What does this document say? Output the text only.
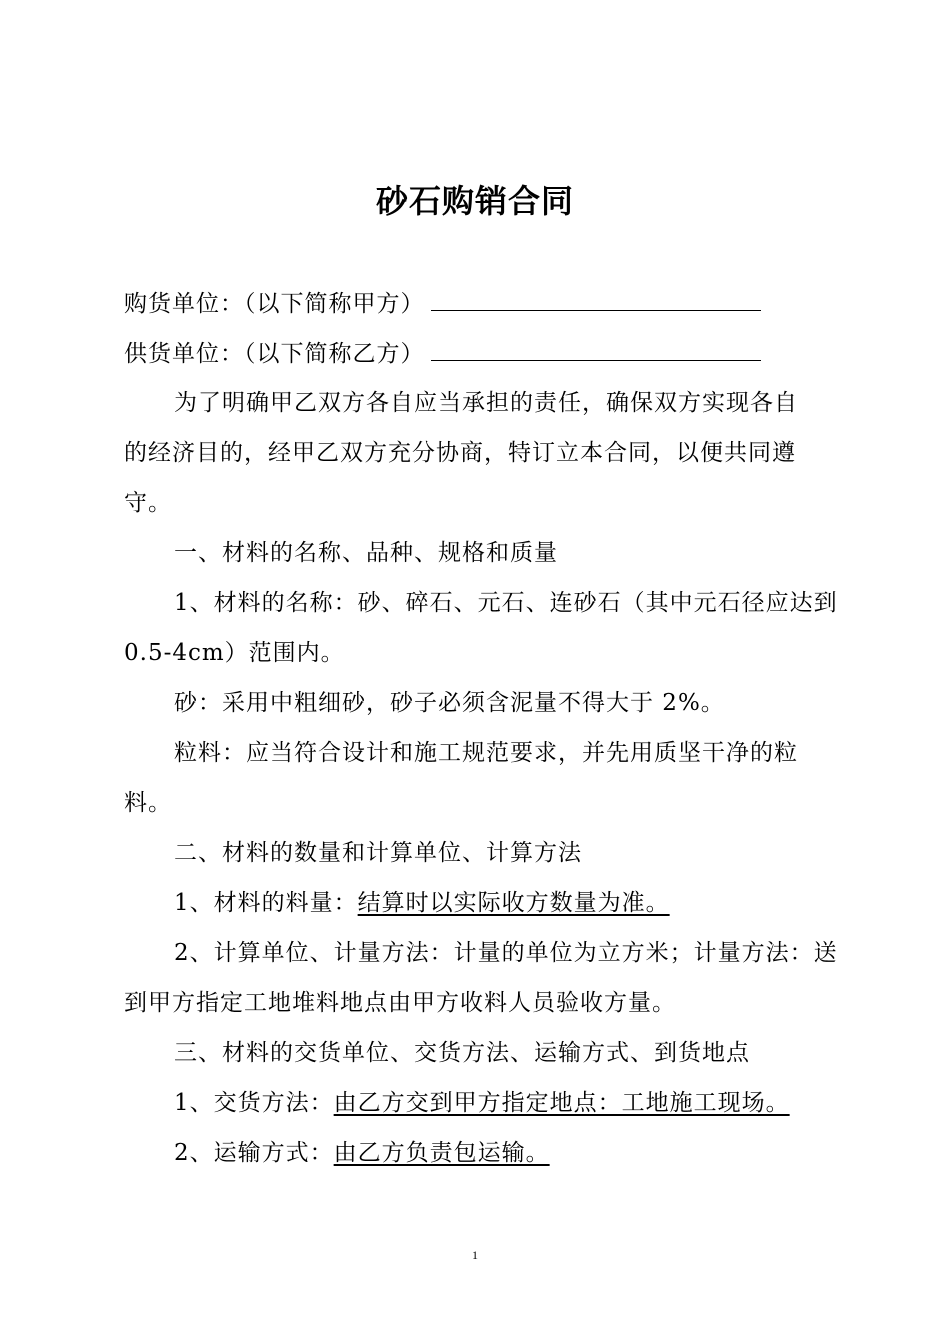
砂石购销合同
购货单位：（以下简称甲方）
供货单位：（以下简称乙方）
为了明确甲乙双方各自应当承担的责任，确保双方实现各自
的经济目的，经甲乙双方充分协商，特订立本合同，以便共同遵
守。
一、材料的名称、品种、规格和质量
1、材料的名称：砂、碎石、元石、连砂石（其中元石径应达到
0.5-4cm）范围内。
砂：采用中粗细砂，砂子必须含泥量不得大于 2%。
粒料：应当符合设计和施工规范要求，并先用质坚干净的粒
料。
二、材料的数量和计算单位、计算方法
1、材料的料量：结算时以实际收方数量为准。
2、计算单位、计量方法：计量的单位为立方米；计量方法：送
到甲方指定工地堆料地点由甲方收料人员验收方量。
三、材料的交货单位、交货方法、运输方式、到货地点
1、交货方法：由乙方交到甲方指定地点：工地施工现场。
2、运输方式：由乙方负责包运输。
1
